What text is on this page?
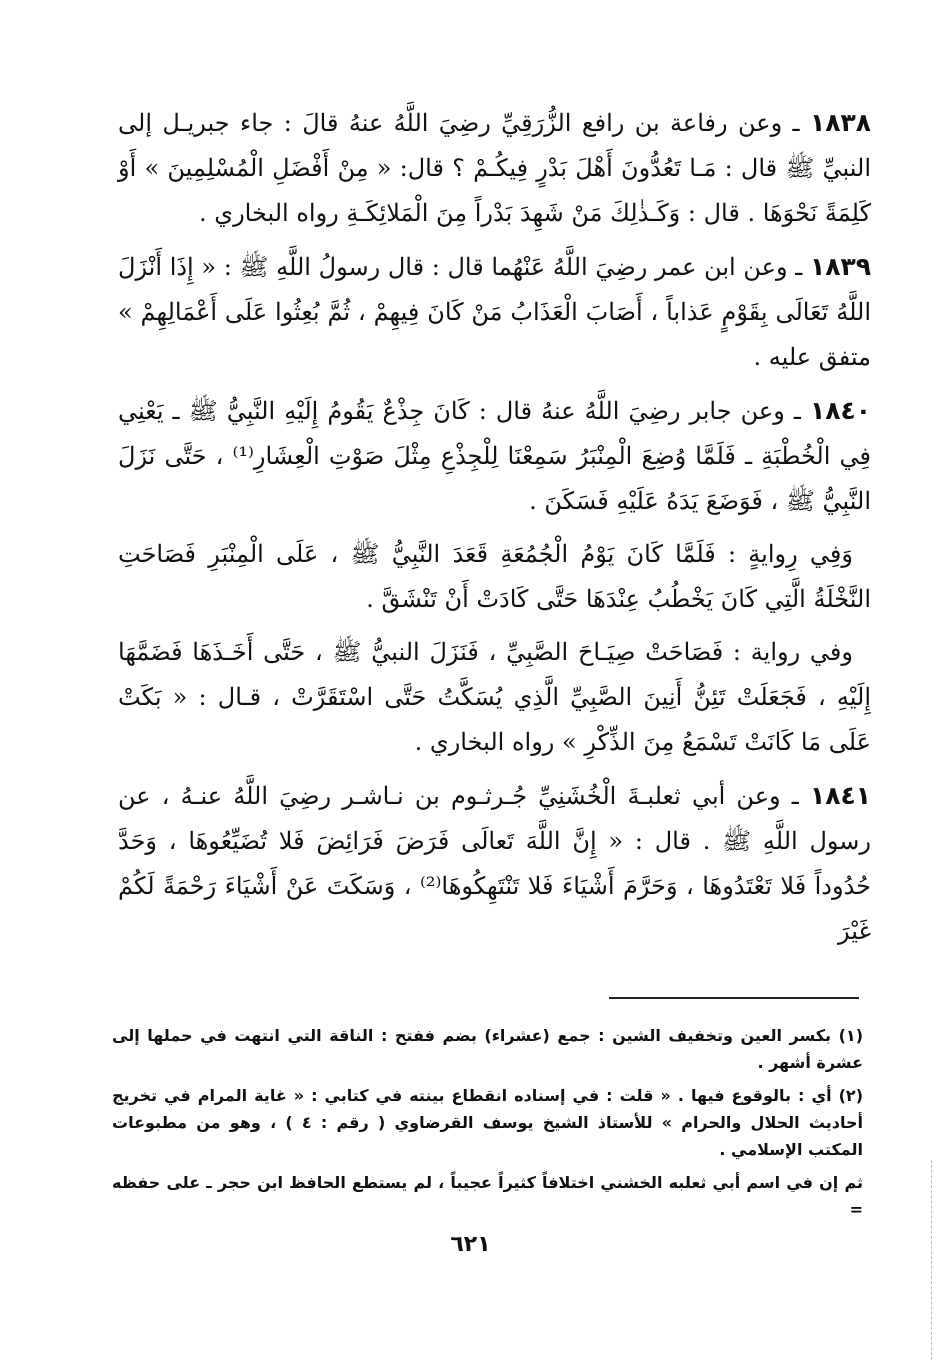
١٨٣٨ ـ وعن رفاعة بن رافع الزُّرَقِيِّ رضِيَ اللَّهُ عنهُ قالَ : جاء جبريـل إلى النبيِّ ﷺ قال : مَـا تَعُدُّونَ أَهْلَ بَدْرٍ فِيكُـمْ ؟ قال: « مِنْ أَفْضَلِ الْمُسْلِمِينَ » أَوْ كَلِمَةً نَحْوَهَا . قال : وَكَـذٰلِكَ مَنْ شَهِدَ بَدْراً مِنَ الْمَلائِكَـةِ رواه البخاري .

١٨٣٩ ـ وعن ابن عمر رضِيَ اللَّهُ عَنْهُما قال : قال رسولُ اللَّهِ ﷺ : « إِذَا أَنْزَلَ اللَّهُ تَعَالَى بِقَوْمٍ عَذاباً ، أَصَابَ الْعَذَابُ مَنْ كَانَ فِيهِمْ ، ثُمَّ بُعِثُوا عَلَى أَعْمَالِهِمْ » متفق عليه .

١٨٤٠ ـ وعن جابر رضِيَ اللَّهُ عنهُ قال : كَانَ جِذْعٌ يَقُومُ إِلَيْهِ النَّبِيُّ ﷺ ـ يَعْنِي فِي الْخُطْبَةِ ـ فَلَمَّا وُضِعَ الْمِنْبَرُ سَمِعْنَا لِلْجِذْعِ مِثْلَ صَوْتِ الْعِشَارِ⁽¹⁾ ، حَتَّى نَزَلَ النَّبِيُّ ﷺ ، فَوَضَعَ يَدَهُ عَلَيْهِ فَسَكَنَ .

وَفِي رِوايةٍ : فَلَمَّا كَانَ يَوْمُ الْجُمُعَةِ قَعَدَ النَّبِيُّ ﷺ ، عَلَى الْمِنْبَرِ فَصَاحَتِ النَّخْلَةُ الَّتِي كَانَ يَخْطُبُ عِنْدَهَا حَتَّى كَادَتْ أَنْ تَنْشَقَّ .

وفي رواية : فَصَاحَتْ صِيَـاحَ الصَّبِيِّ ، فَنَزَلَ النبيُّ ﷺ ، حَتَّى أَخَـذَهَا فَضَمَّهَا إِلَيْهِ ، فَجَعَلَتْ تَئِنُّ أَنِينَ الصَّبِيِّ الَّذِي يُسَكَّتُ حَتَّى اسْتَقَرَّتْ ، قـال : « بَكَتْ عَلَى مَا كَانَتْ تَسْمَعُ مِنَ الذِّكْرِ » رواه البخاري .

١٨٤١ ـ وعن أبي ثعلبـةَ الْخُشَنِيِّ جُـرثـوم بن نـاشـر رضِيَ اللَّهُ عنـهُ ، عن رسول اللَّهِ ﷺ . قال : « إِنَّ اللَّهَ تَعالَى فَرَضَ فَرَائِضَ فَلا تُضَيِّعُوهَا ، وَحَدَّ حُدُوداً فَلا تَعْتَدُوهَا ، وَحَرَّمَ أَشْيَاءَ فَلا تَنْتَهِكُوهَا⁽²⁾ ، وَسَكَتَ عَنْ أَشْيَاءَ رَحْمَةً لَكُمْ غَيْرَ

(١) بكسر العين وتخفيف الشين : جمع (عشراء) بضم ففتح : الناقة التي انتهت في حملها إلى عشرة أشهر .

(٢) أي : بالوقوع فيها . « قلت : في إسناده انقطاع بينته في كتابي : « غاية المرام في تخريج أحاديث الحلال والحرام » للأستاذ الشيخ يوسف القرضاوي ( رقم : ٤ ) ، وهو من مطبوعات المكتب الإسلامي .

ثم إن في اسم أبي ثعلبه الخشني اختلافاً كثيراً عجيباً ، لم يستطع الحافظ ابن حجر ـ على حفظه =

٦٢١
